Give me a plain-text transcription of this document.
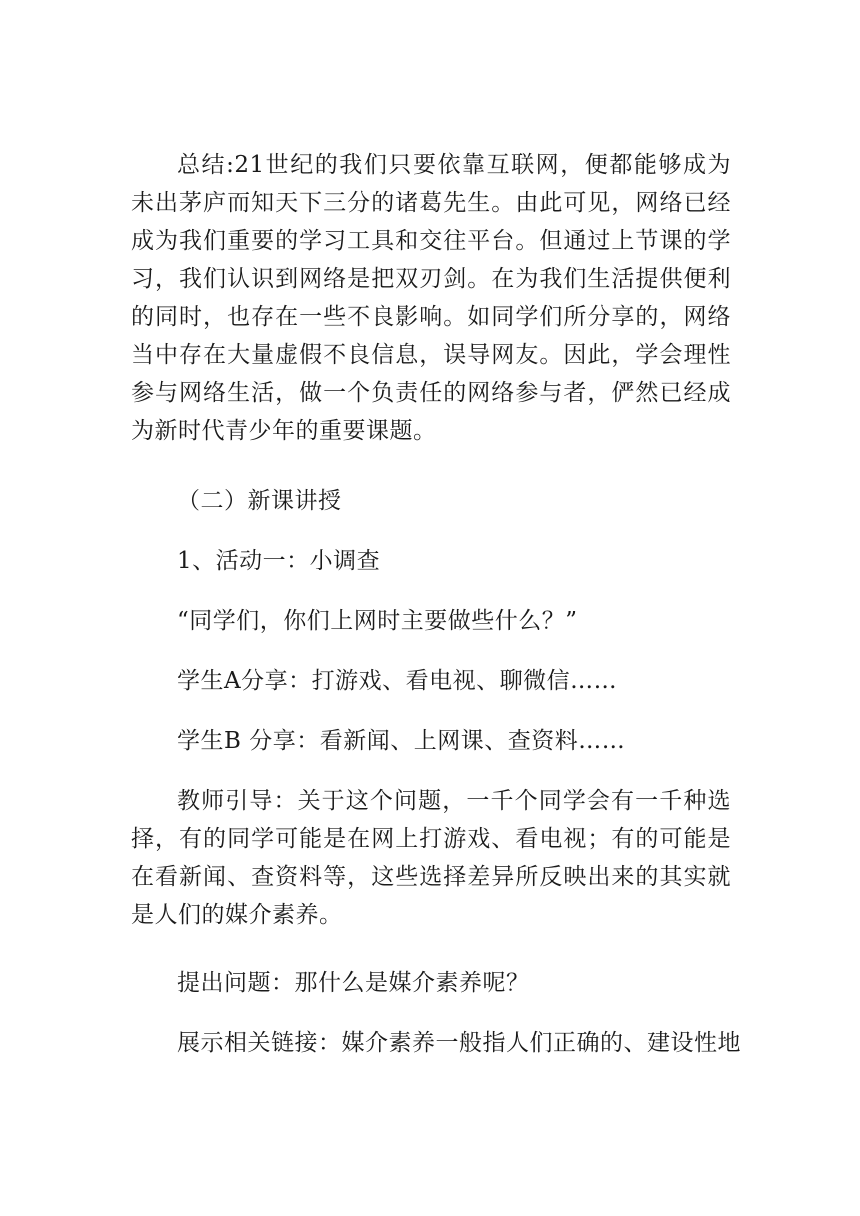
总结:21世纪的我们只要依靠互联网，便都能够成为未出茅庐而知天下三分的诸葛先生。由此可见，网络已经成为我们重要的学习工具和交往平台。但通过上节课的学习，我们认识到网络是把双刃剑。在为我们生活提供便利的同时，也存在一些不良影响。如同学们所分享的，网络当中存在大量虚假不良信息，误导网友。因此，学会理性参与网络生活，做一个负责任的网络参与者，俨然已经成为新时代青少年的重要课题。

（二）新课讲授

1、活动一：小调查

“同学们，你们上网时主要做些什么？”

学生A分享：打游戏、看电视、聊微信……

学生B 分享：看新闻、上网课、查资料……

教师引导：关于这个问题，一千个同学会有一千种选择，有的同学可能是在网上打游戏、看电视；有的可能是在看新闻、查资料等，这些选择差异所反映出来的其实就是人们的媒介素养。

提出问题：那什么是媒介素养呢？

展示相关链接：媒介素养一般指人们正确的、建设性地
